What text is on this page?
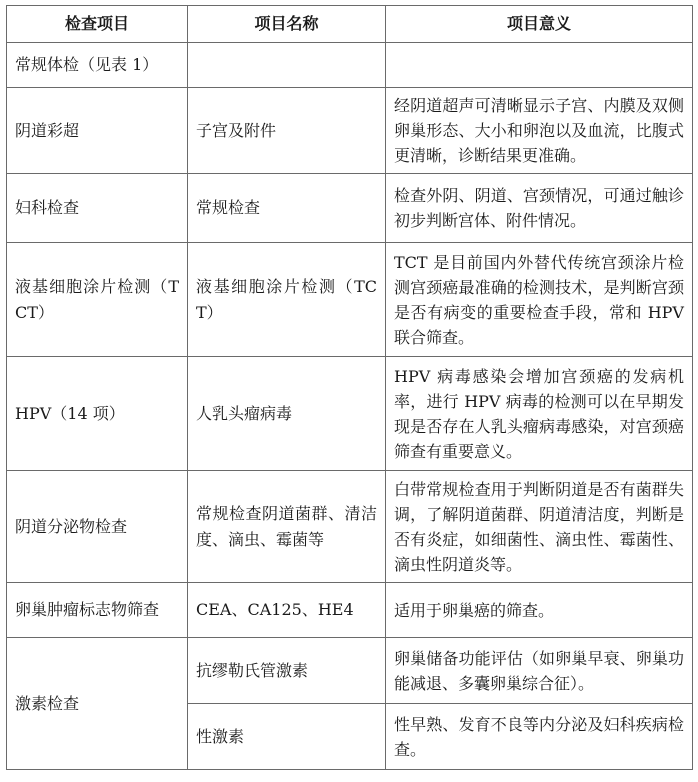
检查项目	项目名称	项目意义
常规体检（见表 1）		
阴道彩超	子宫及附件	经阴道超声可清晰显示子宫、内膜及双侧卵巢形态、大小和卵泡以及血流，比腹式更清晰，诊断结果更准确。
妇科检查	常规检查	检查外阴、阴道、宫颈情况，可通过触诊初步判断宫体、附件情况。
液基细胞涂片检测（TCT）	液基细胞涂片检测（TCT）	TCT 是目前国内外替代传统宫颈涂片检测宫颈癌最准确的检测技术，是判断宫颈是否有病变的重要检查手段，常和 HPV 联合筛查。
HPV（14 项）	人乳头瘤病毒	HPV 病毒感染会增加宫颈癌的发病机率，进行 HPV 病毒的检测可以在早期发现是否存在人乳头瘤病毒感染，对宫颈癌筛查有重要意义。
阴道分泌物检查	常规检查阴道菌群、清洁度、滴虫、霉菌等	白带常规检查用于判断阴道是否有菌群失调，了解阴道菌群、阴道清洁度，判断是否有炎症，如细菌性、滴虫性、霉菌性、滴虫性阴道炎等。
卵巢肿瘤标志物筛查	CEA、CA125、HE4	适用于卵巢癌的筛查。
激素检查	抗缪勒氏管激素	卵巢储备功能评估（如卵巢早衰、卵巢功能减退、多囊卵巢综合征）。
	性激素	性早熟、发育不良等内分泌及妇科疾病检查。
